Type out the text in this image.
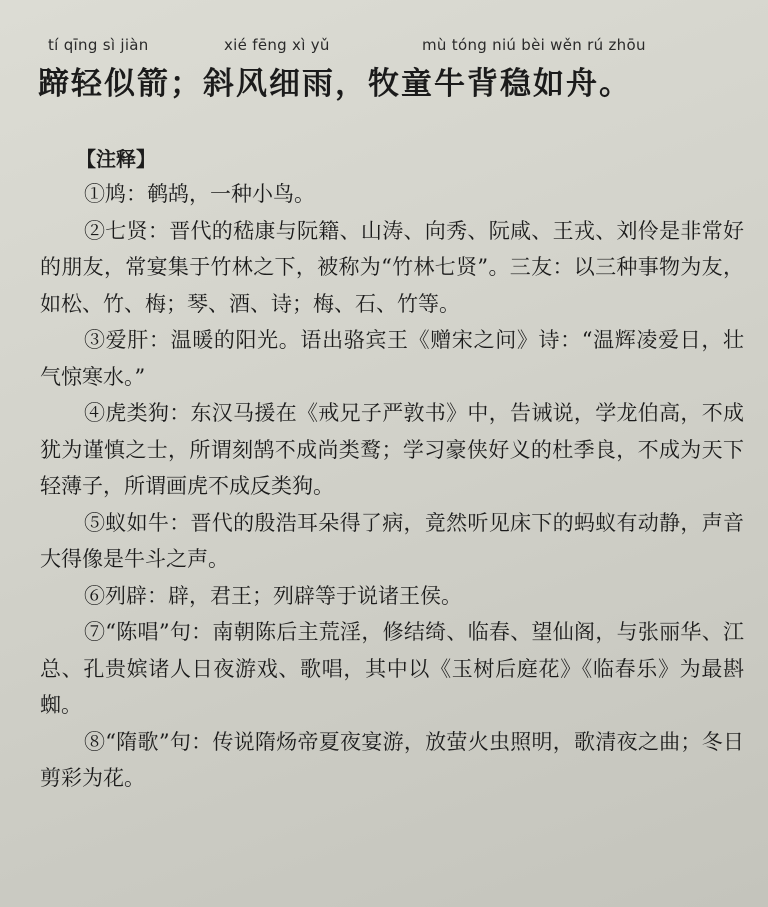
tí qīng sì jiàn	xié fēng xì yǔ	mù tóng niú bèi wěn rú zhōu
蹄轻似箭；斜风细雨，牧童牛背稳如舟。
【注释】

①鸠：鹌鸪，一种小鸟。

②七贤：晋代的嵇康与阮籍、山涛、向秀、阮咸、王戎、刘伶是非常好的朋友，常宴集于竹林之下，被称为“竹林七贤”。三友：以三种事物为友，如松、竹、梅；琴、酒、诗；梅、石、竹等。

③爱肝：温暖的阳光。语出骆宾王《赠宋之问》诗：“温辉凌爱日，壮气惊寒水。”

④虎类狗：东汉马援在《戒兄子严敦书》中，告诫说，学龙伯高，不成犹为谨慎之士，所谓刻鹄不成尚类鹜；学习豪侠好义的杜季良，不成为天下轻薄子，所谓画虎不成反类狗。

⑤蚁如牛：晋代的殷浩耳朵得了病，竟然听见床下的蚂蚁有动静，声音大得像是牛斗之声。

⑥列辟：辟，君王；列辟等于说诸王侯。

⑦“陈唱”句：南朝陈后主荒淫，修结绮、临春、望仙阁，与张丽华、江总、孔贵嫔诸人日夜游戏、歌唱，其中以《玉树后庭花》《临春乐》为最斟蜘。

⑧“隋歌”句：传说隋炀帝夏夜宴游，放萤火虫照明，歌清夜之曲；冬日剪彩为花。
